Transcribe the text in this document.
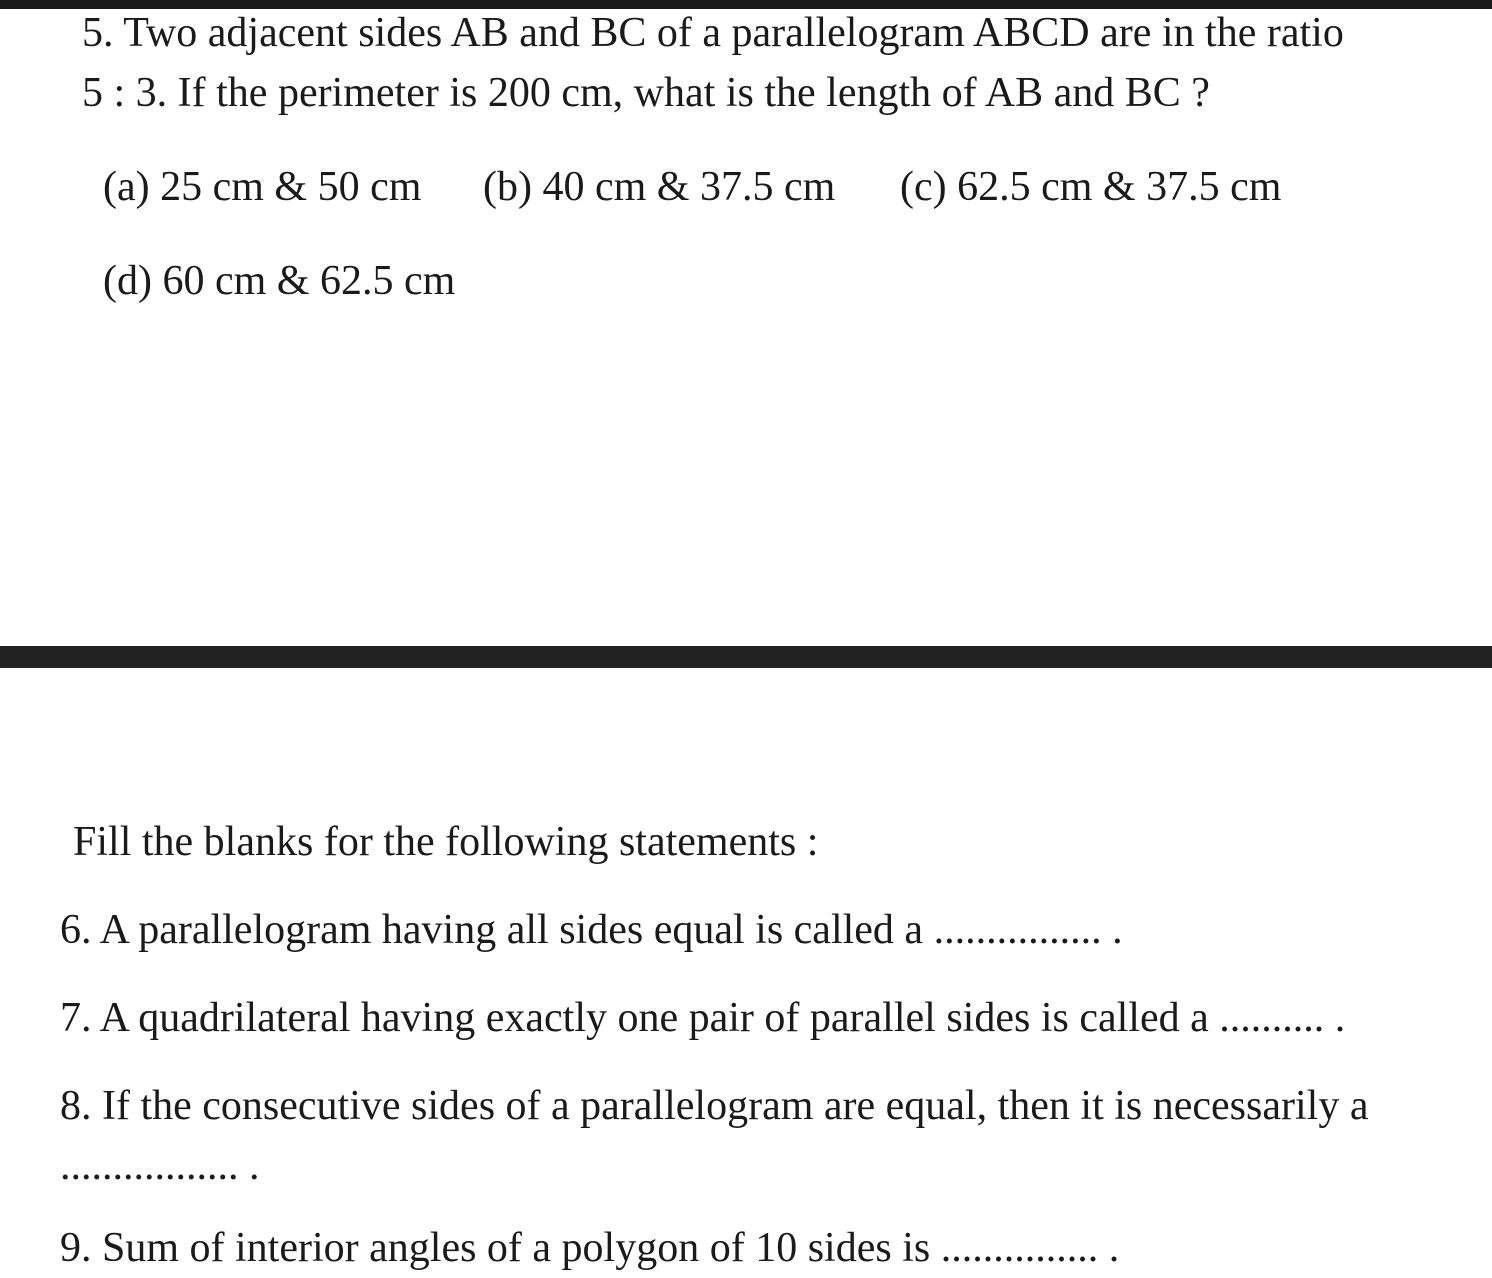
5. Two adjacent sides AB and BC of a parallelogram ABCD are in the ratio
5 : 3. If the perimeter is 200 cm, what is the length of AB and BC ?
(a) 25 cm & 50 cm (b) 40 cm & 37.5 cm (c) 62.5 cm & 37.5 cm
(d) 60 cm & 62.5 cm
Fill the blanks for the following statements :
6. A parallelogram having all sides equal is called a ................ .
7. A quadrilateral having exactly one pair of parallel sides is called a .......... .
8. If the consecutive sides of a parallelogram are equal, then it is necessarily a
................. .
9. Sum of interior angles of a polygon of 10 sides is ............... .
